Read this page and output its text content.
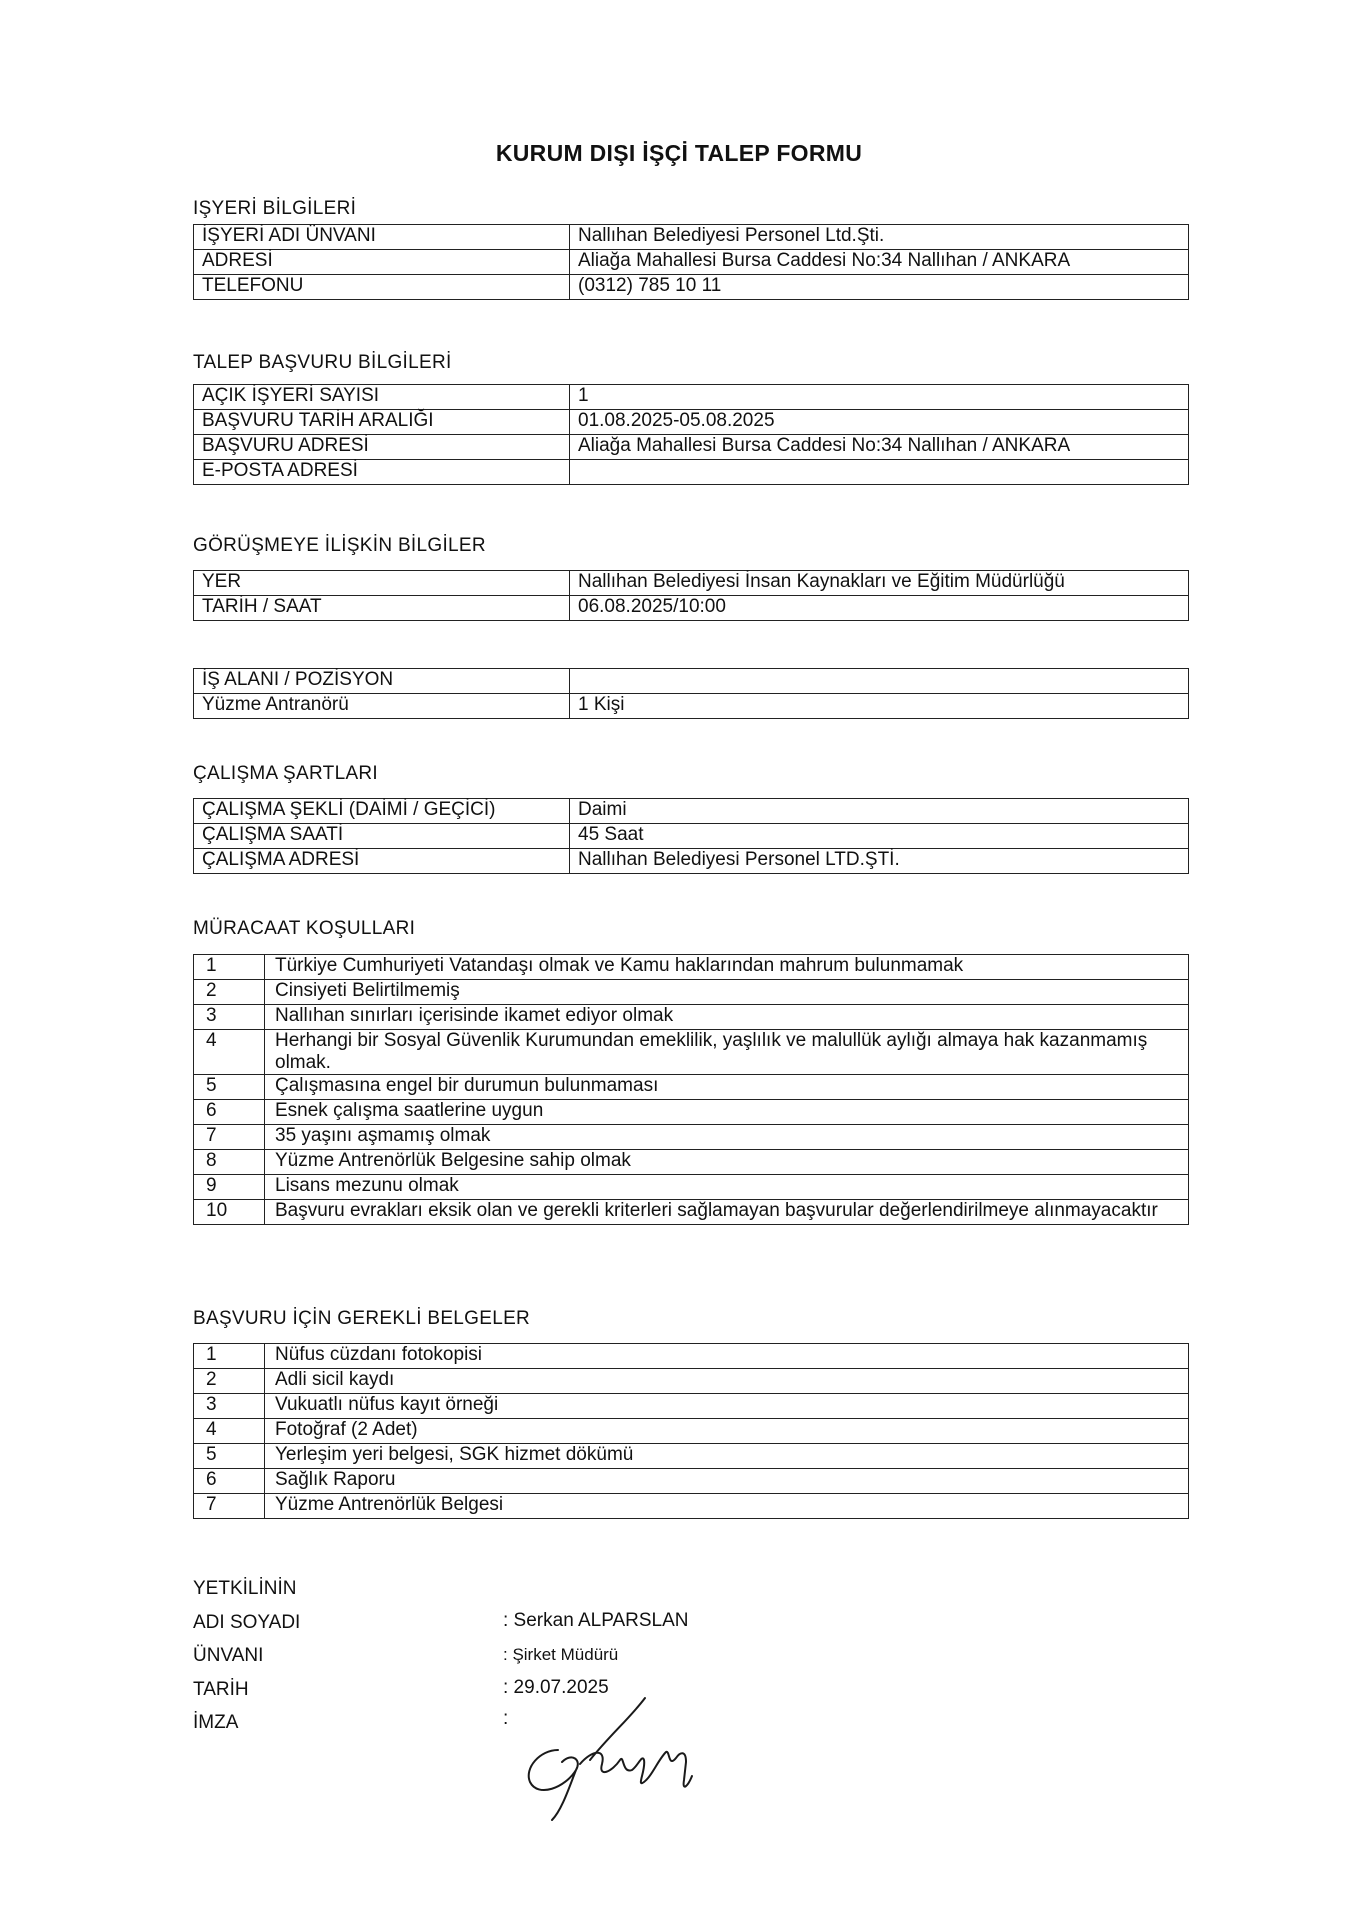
KURUM DIŞI İŞÇİ TALEP FORMU
IŞYERİ BİLGİLERİ
İŞYERİ ADI ÜNVANI	Nallıhan Belediyesi Personel Ltd.Şti.
ADRESİ	Aliağa Mahallesi Bursa Caddesi No:34 Nallıhan / ANKARA
TELEFONU	(0312) 785 10 11
TALEP BAŞVURU BİLGİLERİ
AÇIK İŞYERİ SAYISI	1
BAŞVURU TARİH ARALIĞI	01.08.2025-05.08.2025
BAŞVURU ADRESİ	Aliağa Mahallesi Bursa Caddesi No:34 Nallıhan / ANKARA
E-POSTA ADRESİ	
GÖRÜŞMEYE İLİŞKİN BİLGİLER
YER	Nallıhan Belediyesi İnsan Kaynakları ve Eğitim Müdürlüğü
TARİH / SAAT	06.08.2025/10:00
İŞ ALANI / POZİSYON	
Yüzme Antranörü	1 Kişi
ÇALIŞMA ŞARTLARI
ÇALIŞMA ŞEKLİ (DAİMİ / GEÇİCİ)	Daimi
ÇALIŞMA SAATİ	45 Saat
ÇALIŞMA ADRESİ	Nallıhan Belediyesi Personel LTD.ŞTİ.
MÜRACAAT KOŞULLARI
1	Türkiye Cumhuriyeti Vatandaşı olmak ve Kamu haklarından mahrum bulunmamak
2	Cinsiyeti Belirtilmemiş
3	Nallıhan sınırları içerisinde ikamet ediyor olmak
4	Herhangi bir Sosyal Güvenlik Kurumundan emeklilik, yaşlılık ve malullük aylığı almaya hak kazanmamış olmak.
5	Çalışmasına engel bir durumun bulunmaması
6	Esnek çalışma saatlerine uygun
7	35 yaşını aşmamış olmak
8	Yüzme Antrenörlük Belgesine sahip olmak
9	Lisans mezunu olmak
10	Başvuru evrakları eksik olan ve gerekli kriterleri sağlamayan başvurular değerlendirilmeye alınmayacaktır
BAŞVURU İÇİN GEREKLİ BELGELER
1	Nüfus cüzdanı fotokopisi
2	Adli sicil kaydı
3	Vukuatlı nüfus kayıt örneği
4	Fotoğraf (2 Adet)
5	Yerleşim yeri belgesi, SGK hizmet dökümü
6	Sağlık Raporu
7	Yüzme Antrenörlük Belgesi
YETKİLİNİN
ADI SOYADI	: Serkan ALPARSLAN
ÜNVANI	: Şirket Müdürü
TARİH	: 29.07.2025
İMZA	:
